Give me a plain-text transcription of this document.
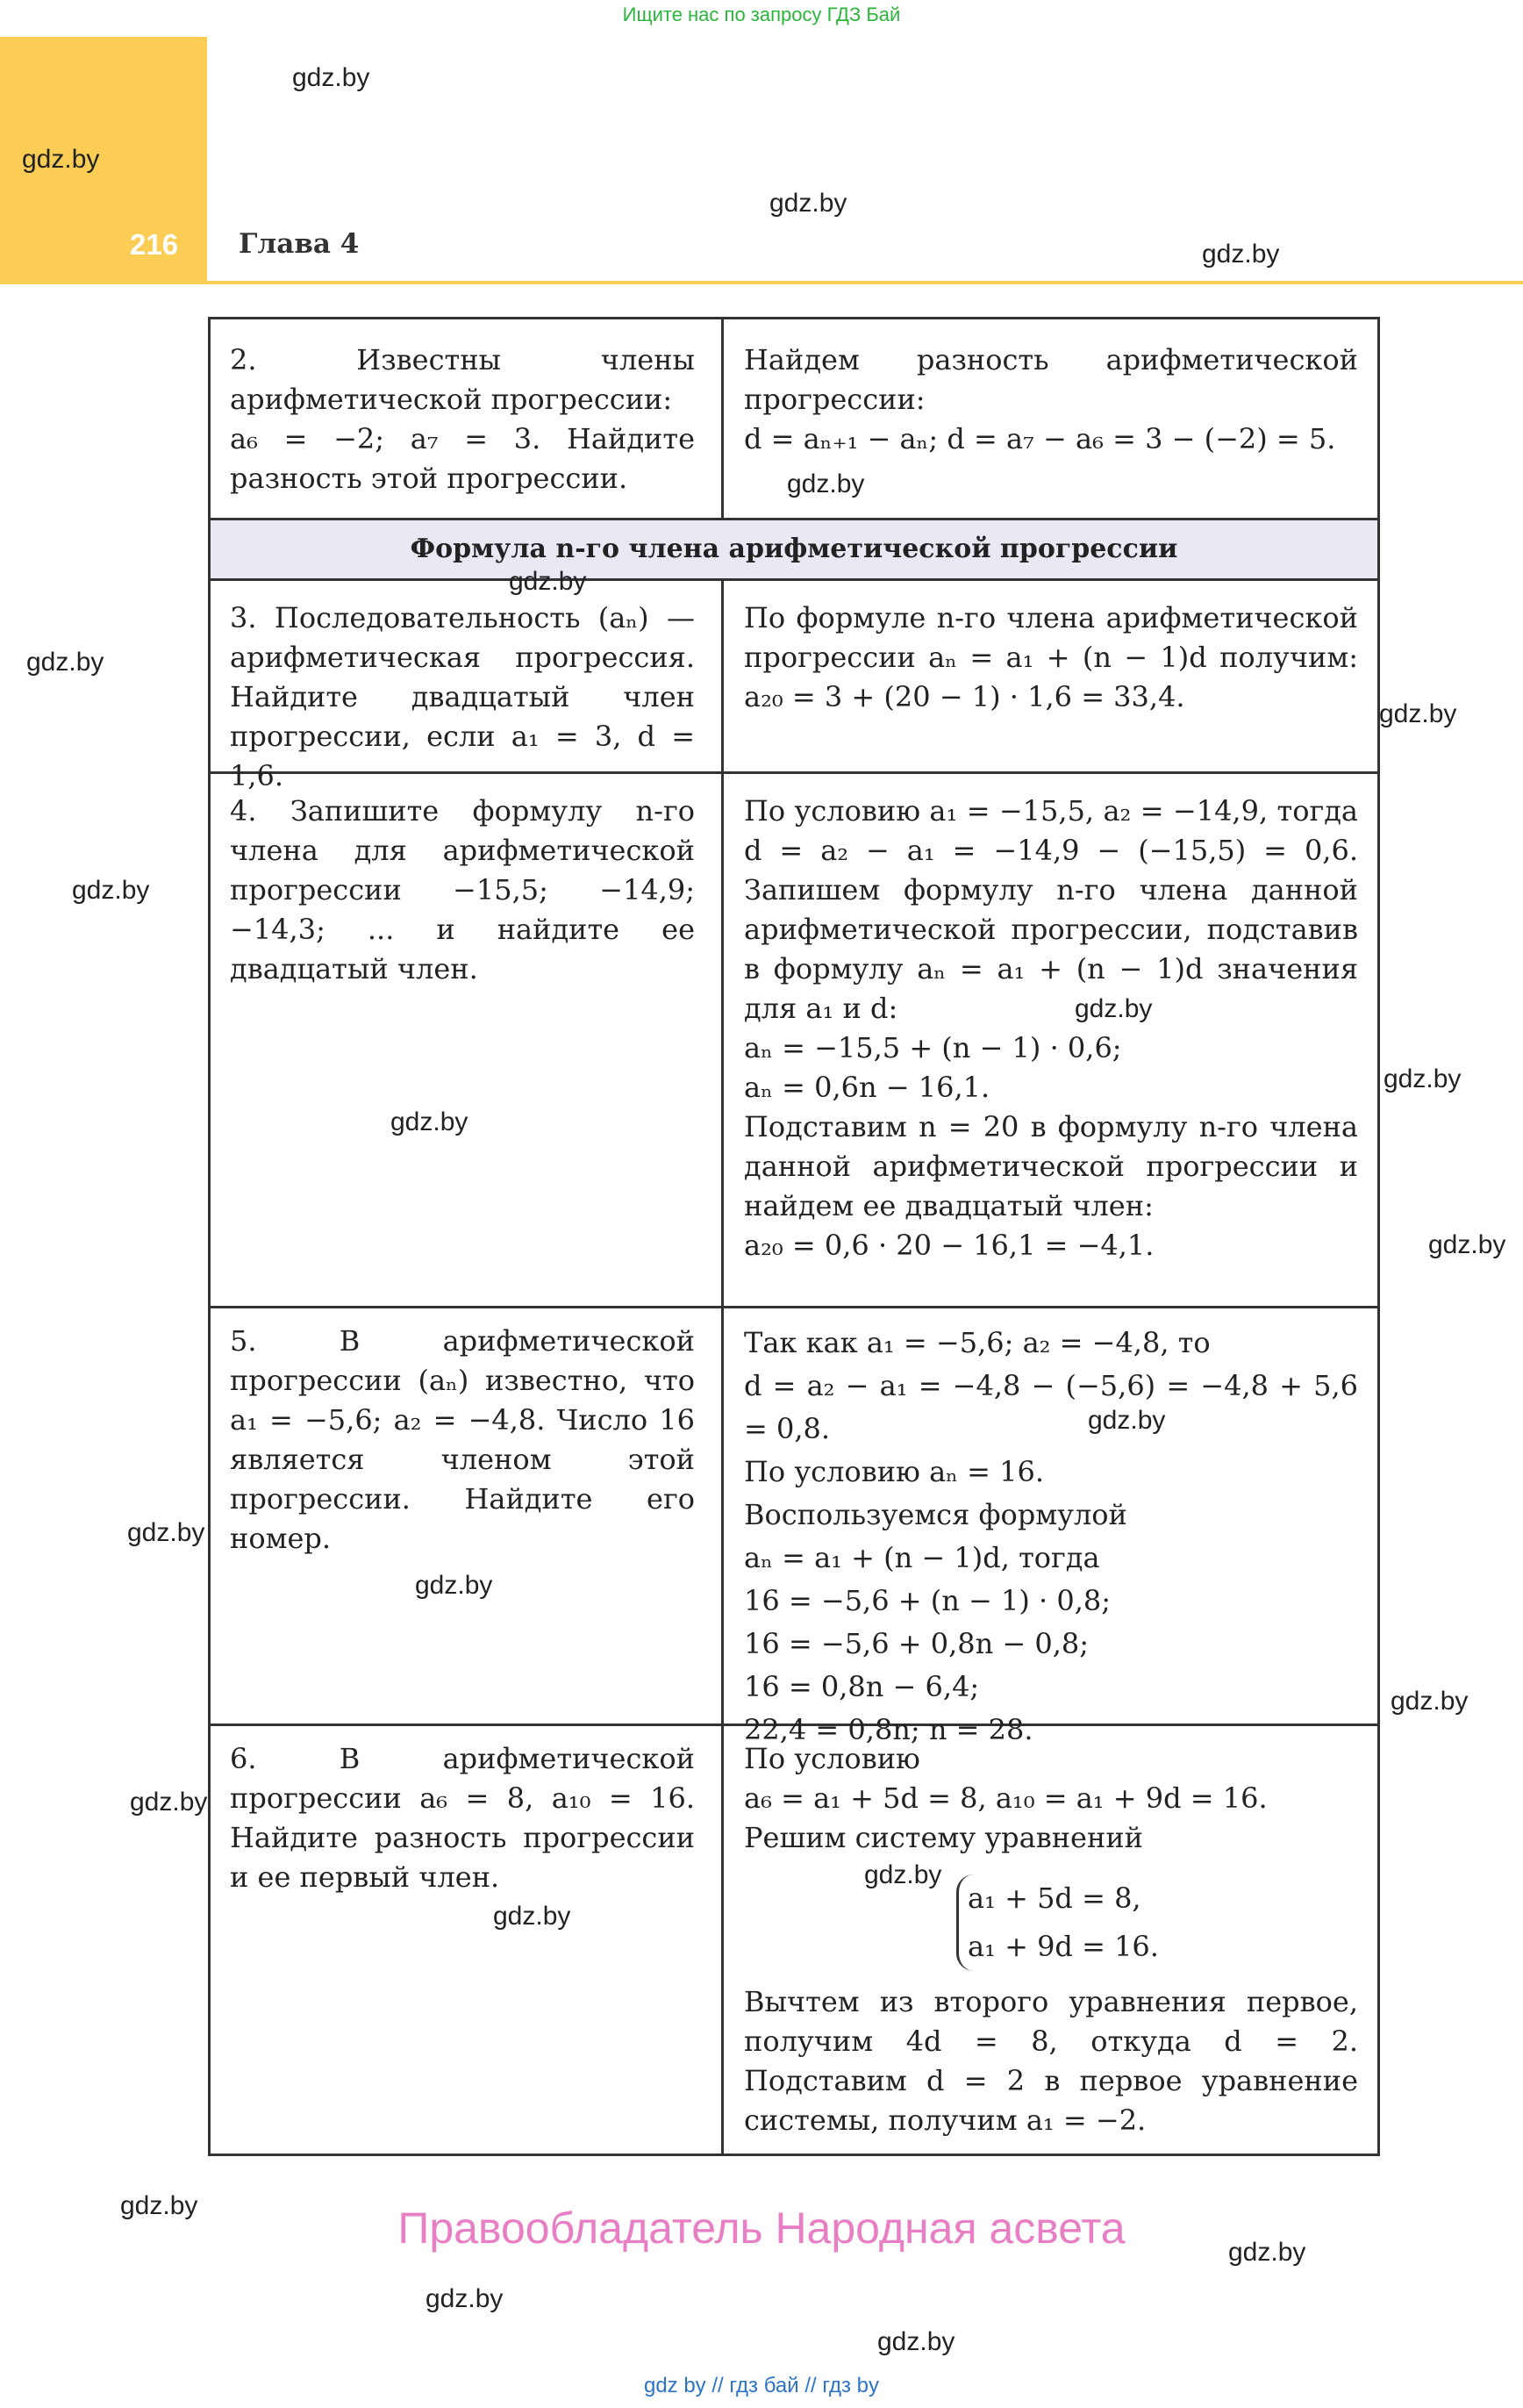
Ищите нас по запросу ГДЗ Бай
216 Глава 4
Формула n-го члена арифметической прогрессии
2. Известны члены арифметической прогрессии:
a₆ = −2; a₇ = 3. Найдите разность этой прогрессии.
Найдем разность арифметической прогрессии:
d = aₙ₊₁ − aₙ; d = a₇ − a₆ = 3 − (−2) = 5.
3. Последовательность (aₙ) — арифметическая прогрессия. Найдите двадцатый член прогрессии, если a₁ = 3, d = 1,6.
По формуле n-го члена арифметической прогрессии aₙ = a₁ + (n − 1)d получим: a₂₀ = 3 + (20 − 1) · 1,6 = 33,4.
4. Запишите формулу n-го члена для арифметической прогрессии −15,5; −14,9; −14,3; ... и найдите ее двадцатый член.
По условию a₁ = −15,5, a₂ = −14,9, тогда d = a₂ − a₁ = −14,9 − (−15,5) = 0,6. Запишем формулу n-го члена данной арифметической прогрессии, подставив в формулу aₙ = a₁ + (n − 1)d значения для a₁ и d:
aₙ = −15,5 + (n − 1) · 0,6;
aₙ = 0,6n − 16,1.
Подставим n = 20 в формулу n-го члена данной арифметической прогрессии и найдем ее двадцатый член:
a₂₀ = 0,6 · 20 − 16,1 = −4,1.
5. В арифметической прогрессии (aₙ) известно, что a₁ = −5,6; a₂ = −4,8. Число 16 является членом этой прогрессии. Найдите его номер.
Так как a₁ = −5,6; a₂ = −4,8, то
d = a₂ − a₁ = −4,8 − (−5,6) = −4,8 + 5,6 = 0,8.
По условию aₙ = 16.
Воспользуемся формулой
aₙ = a₁ + (n − 1)d, тогда
16 = −5,6 + (n − 1) · 0,8;
16 = −5,6 + 0,8n − 0,8;
16 = 0,8n − 6,4;
22,4 = 0,8n; n = 28.
6. В арифметической прогрессии a₆ = 8, a₁₀ = 16. Найдите разность прогрессии и ее первый член.
По условию
a₆ = a₁ + 5d = 8, a₁₀ = a₁ + 9d = 16.
Решим систему уравнений
a₁ + 5d = 8,
a₁ + 9d = 16.
Вычтем из второго уравнения первое, получим 4d = 8, откуда d = 2. Подставим d = 2 в первое уравнение системы, получим a₁ = −2.
gdz.by
gdz.by
gdz.by
gdz.by
gdz.by
gdz.by
gdz.by
gdz.by
gdz.by
gdz.by
gdz.by
gdz.by
gdz.by
gdz.by
gdz.by
gdz.by
gdz.by
gdz.by
gdz.by
gdz.by
gdz.by
gdz.by
gdz.by
gdz.by
Правообладатель Народная асвета
gdz by // гдз бай // гдз by
